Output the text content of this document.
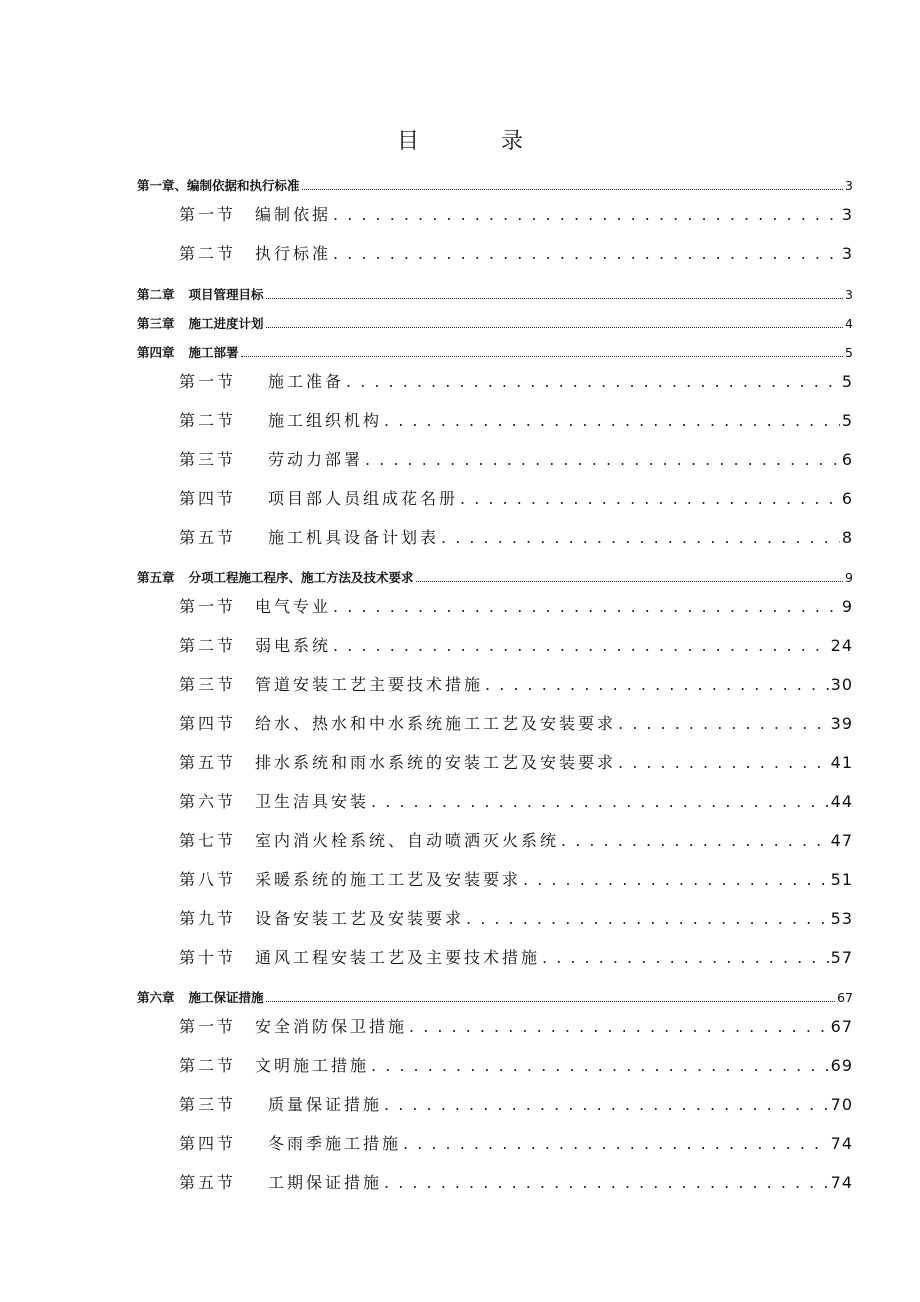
目　录
第一章、编制依据和执行标准	3
第一节	编制依据 . . .	3
第二节	执行标准 . . .	3
第二章	项目管理目标	3
第三章	施工进度计划	4
第四章	施工部署	5
第一节	施工准备 . . .	5
第二节	施工组织机构 . . .	5
第三节	劳动力部署 . . .	6
第四节	项目部人员组成花名册 . . .	6
第五节	施工机具设备计划表 . . .	8
第五章	分项工程施工程序、施工方法及技术要求	9
第一节	电气专业 . . .	9
第二节	弱电系统 . . .	24
第三节	管道安装工艺主要技术措施 . . .	30
第四节	给水、热水和中水系统施工工艺及安装要求 . . .	39
第五节	排水系统和雨水系统的安装工艺及安装要求 . . .	41
第六节	卫生洁具安装 . . .	44
第七节	室内消火栓系统、自动喷洒灭火系统 . . .	47
第八节	采暖系统的施工工艺及安装要求 . . .	51
第九节	设备安装工艺及安装要求 . . .	53
第十节	通风工程安装工艺及主要技术措施 . . .	57
第六章	施工保证措施	67
第一节	安全消防保卫措施 . . .	67
第二节	文明施工措施 . . .	69
第三节	质量保证措施 . . .	70
第四节	冬雨季施工措施 . . .	74
第五节	工期保证措施 . . .	74
